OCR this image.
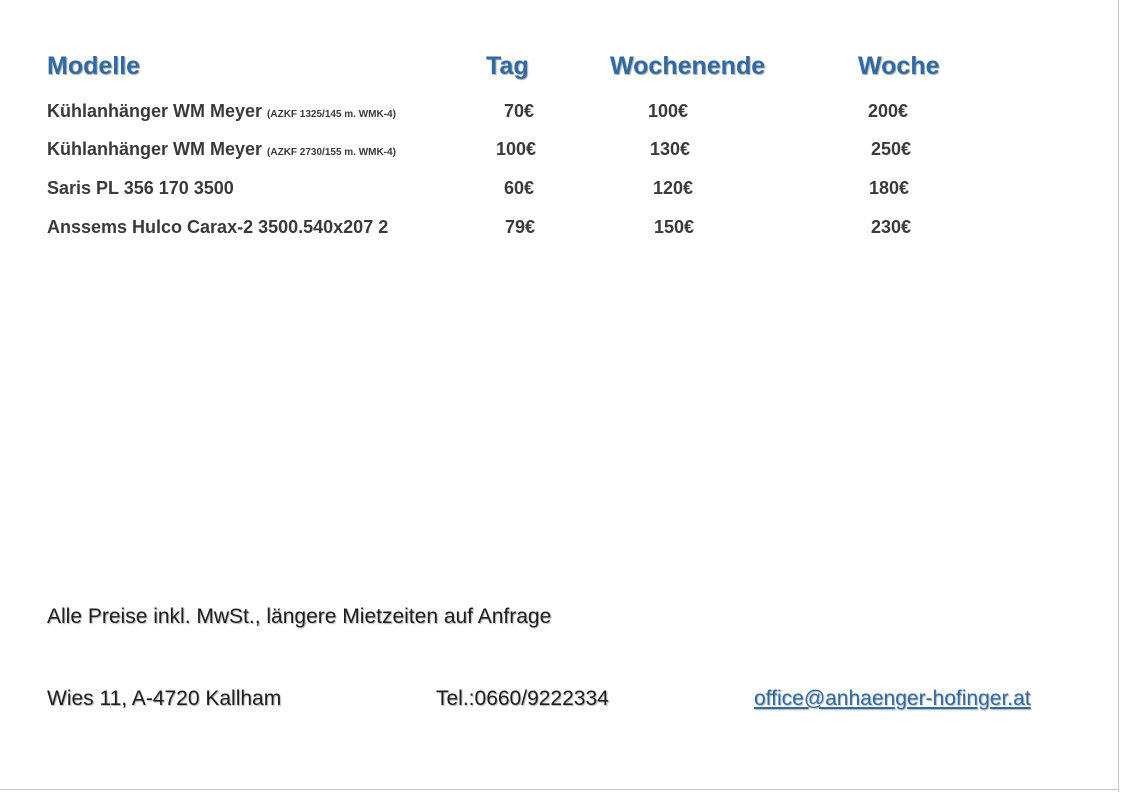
Modelle	Tag	Wochenende	Woche
Kühlanhänger WM Meyer (AZKF 1325/145 m. WMK-4)	70€	100€	200€
Kühlanhänger WM Meyer (AZKF 2730/155 m. WMK-4)	100€	130€	250€
Saris PL 356 170 3500	60€	120€	180€
Anssems Hulco Carax-2 3500.540x207 2	79€	150€	230€
Alle Preise inkl. MwSt., längere Mietzeiten auf Anfrage
Wies 11, A-4720 Kallham	Tel.:0660/9222334	office@anhaenger-hofinger.at
